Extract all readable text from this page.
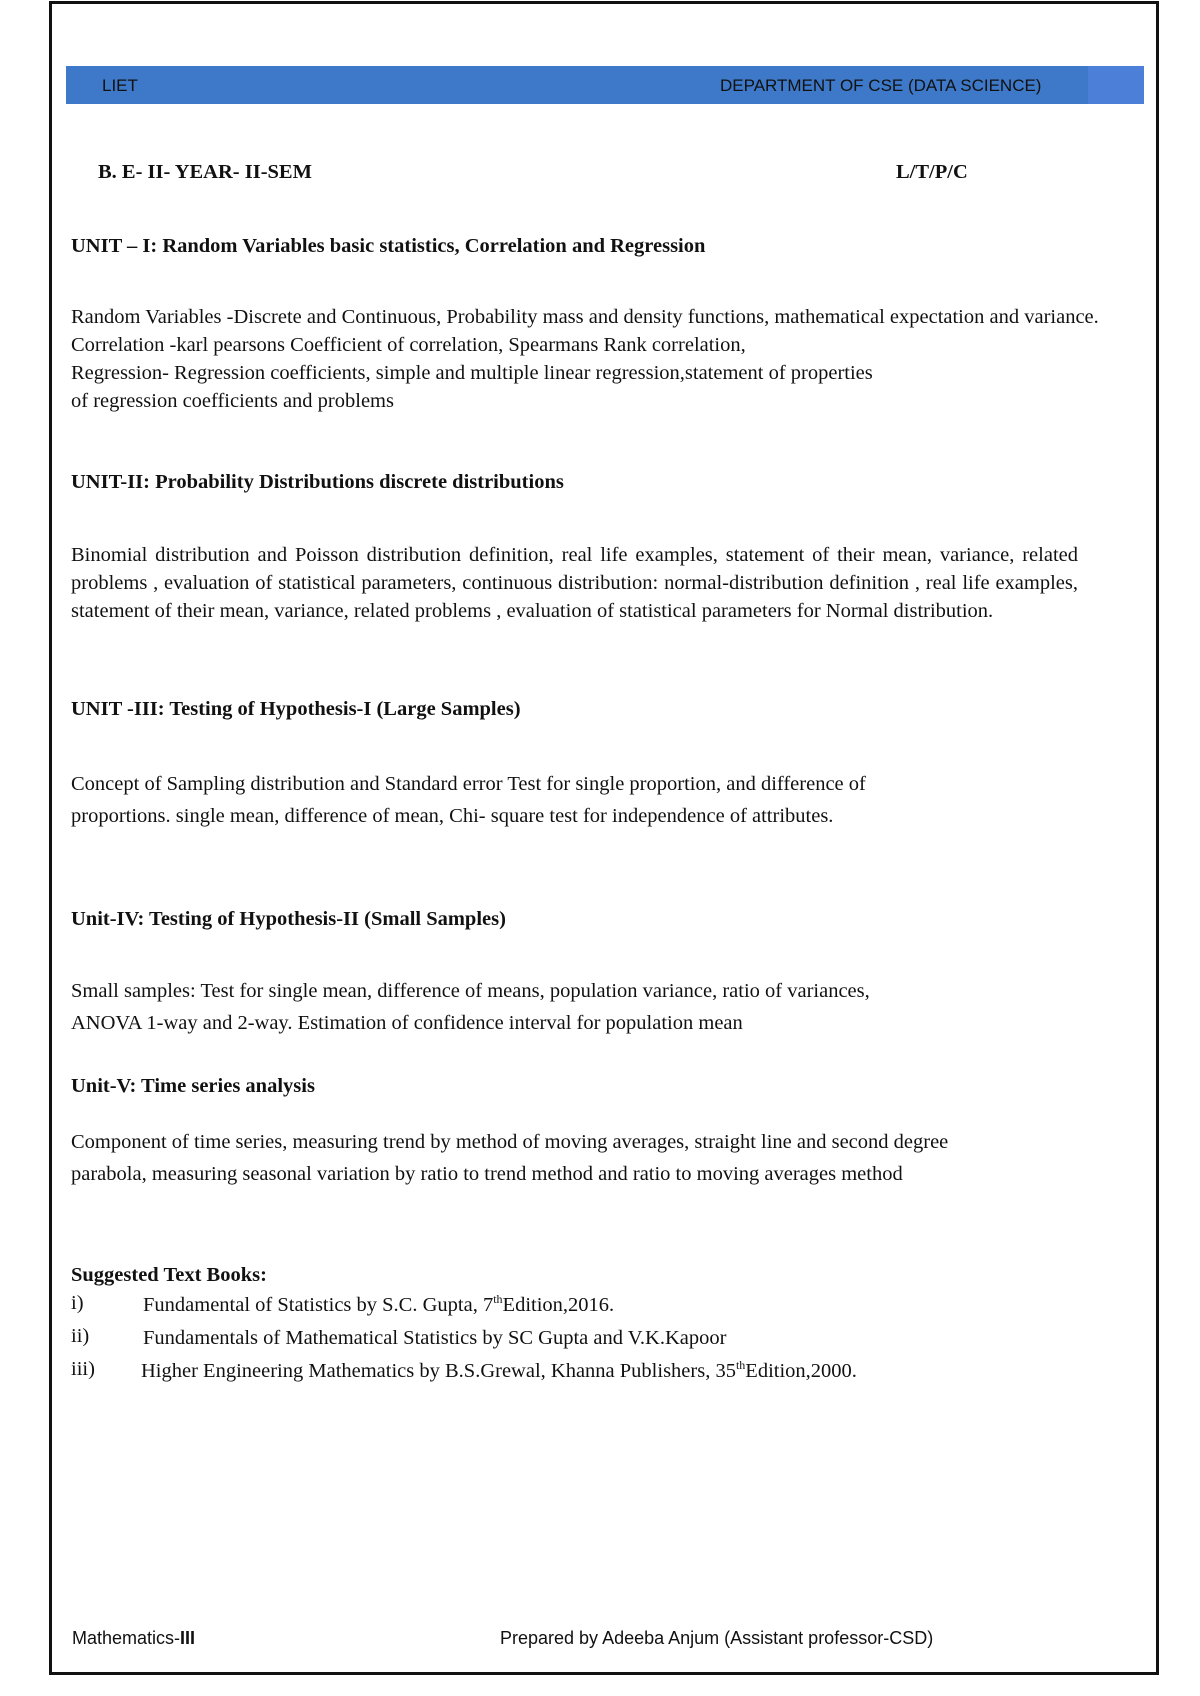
LIET	DEPARTMENT OF CSE (DATA SCIENCE)
B. E- II- YEAR- II-SEM	L/T/P/C
UNIT – I: Random Variables basic statistics, Correlation and Regression
Random Variables -Discrete and Continuous, Probability mass and density functions, mathematical expectation and variance.
Correlation -karl pearsons Coefficient of correlation, Spearmans Rank correlation,
Regression- Regression coefficients, simple and multiple linear regression,statement of properties
of regression coefficients and problems
UNIT-II: Probability Distributions discrete distributions
Binomial distribution and Poisson distribution definition, real life examples, statement of their mean, variance, related problems , evaluation of statistical parameters, continuous distribution: normal-distribution definition , real life examples, statement of their mean, variance, related problems , evaluation of statistical parameters for Normal distribution.
UNIT -III: Testing of Hypothesis-I (Large Samples)
Concept of Sampling distribution and Standard error Test for single proportion, and difference of
proportions. single mean, difference of mean, Chi- square test for independence of attributes.
Unit-IV: Testing of Hypothesis-II (Small Samples)
Small samples: Test for single mean, difference of means, population variance, ratio of variances,
ANOVA 1-way and 2-way. Estimation of confidence interval for population mean
Unit-V: Time series analysis
Component of time series, measuring trend by method of moving averages, straight line and second degree
parabola, measuring seasonal variation by ratio to trend method and ratio to moving averages method
Suggested Text Books:
i)	Fundamental of Statistics by S.C. Gupta, 7thEdition,2016.
ii)	Fundamentals of Mathematical Statistics by SC Gupta and V.K.Kapoor
iii) Higher Engineering Mathematics by B.S.Grewal, Khanna Publishers, 35thEdition,2000.
Mathematics-III	Prepared by Adeeba Anjum (Assistant professor-CSD)
